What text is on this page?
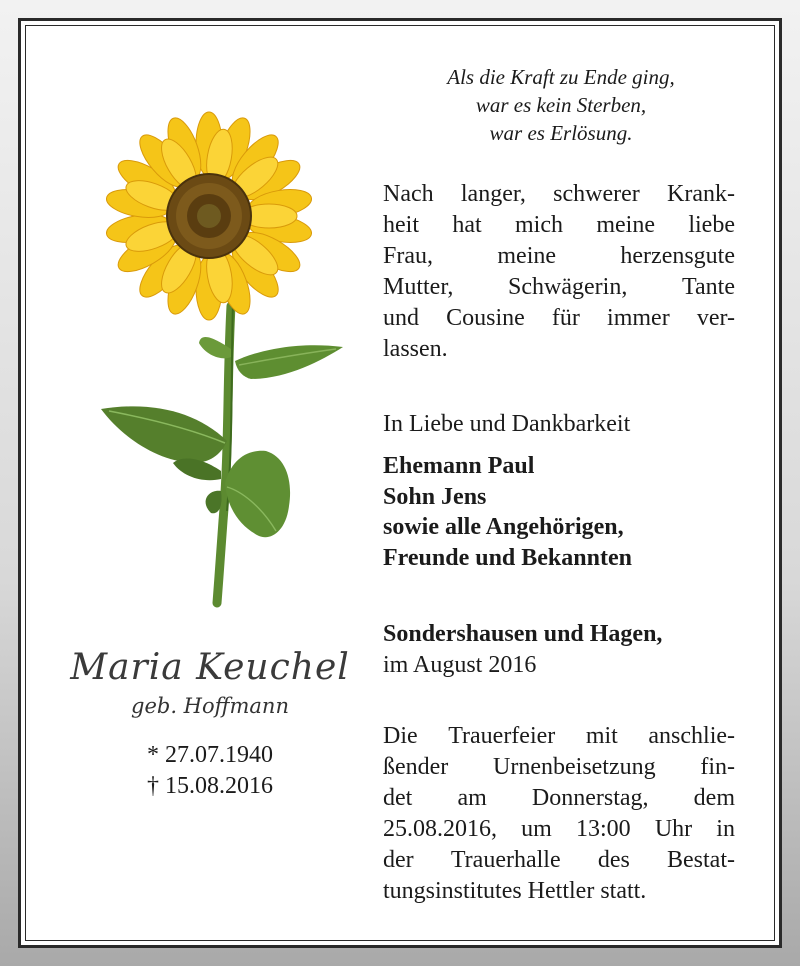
Als die Kraft zu Ende ging,
war es kein Sterben,
war es Erlösung.
Nach langer, schwerer Krank-
heit hat mich meine liebe
Frau,	meine	herzensgute
Mutter, Schwägerin, Tante
und Cousine für immer ver-
lassen.
In Liebe und Dankbarkeit
Ehemann Paul
Sohn Jens
sowie alle Angehörigen,
Freunde und Bekannten
Sondershausen und Hagen,
im August 2016
Die Trauerfeier mit anschlie-
ßender Urnenbeisetzung fin-
det am Donnerstag, dem
25.08.2016, um 13:00 Uhr in
der Trauerhalle des Bestat-
tungsinstitutes Hettler statt.
Maria Keuchel
geb. Hoffmann
* 27.07.1940
† 15.08.2016
